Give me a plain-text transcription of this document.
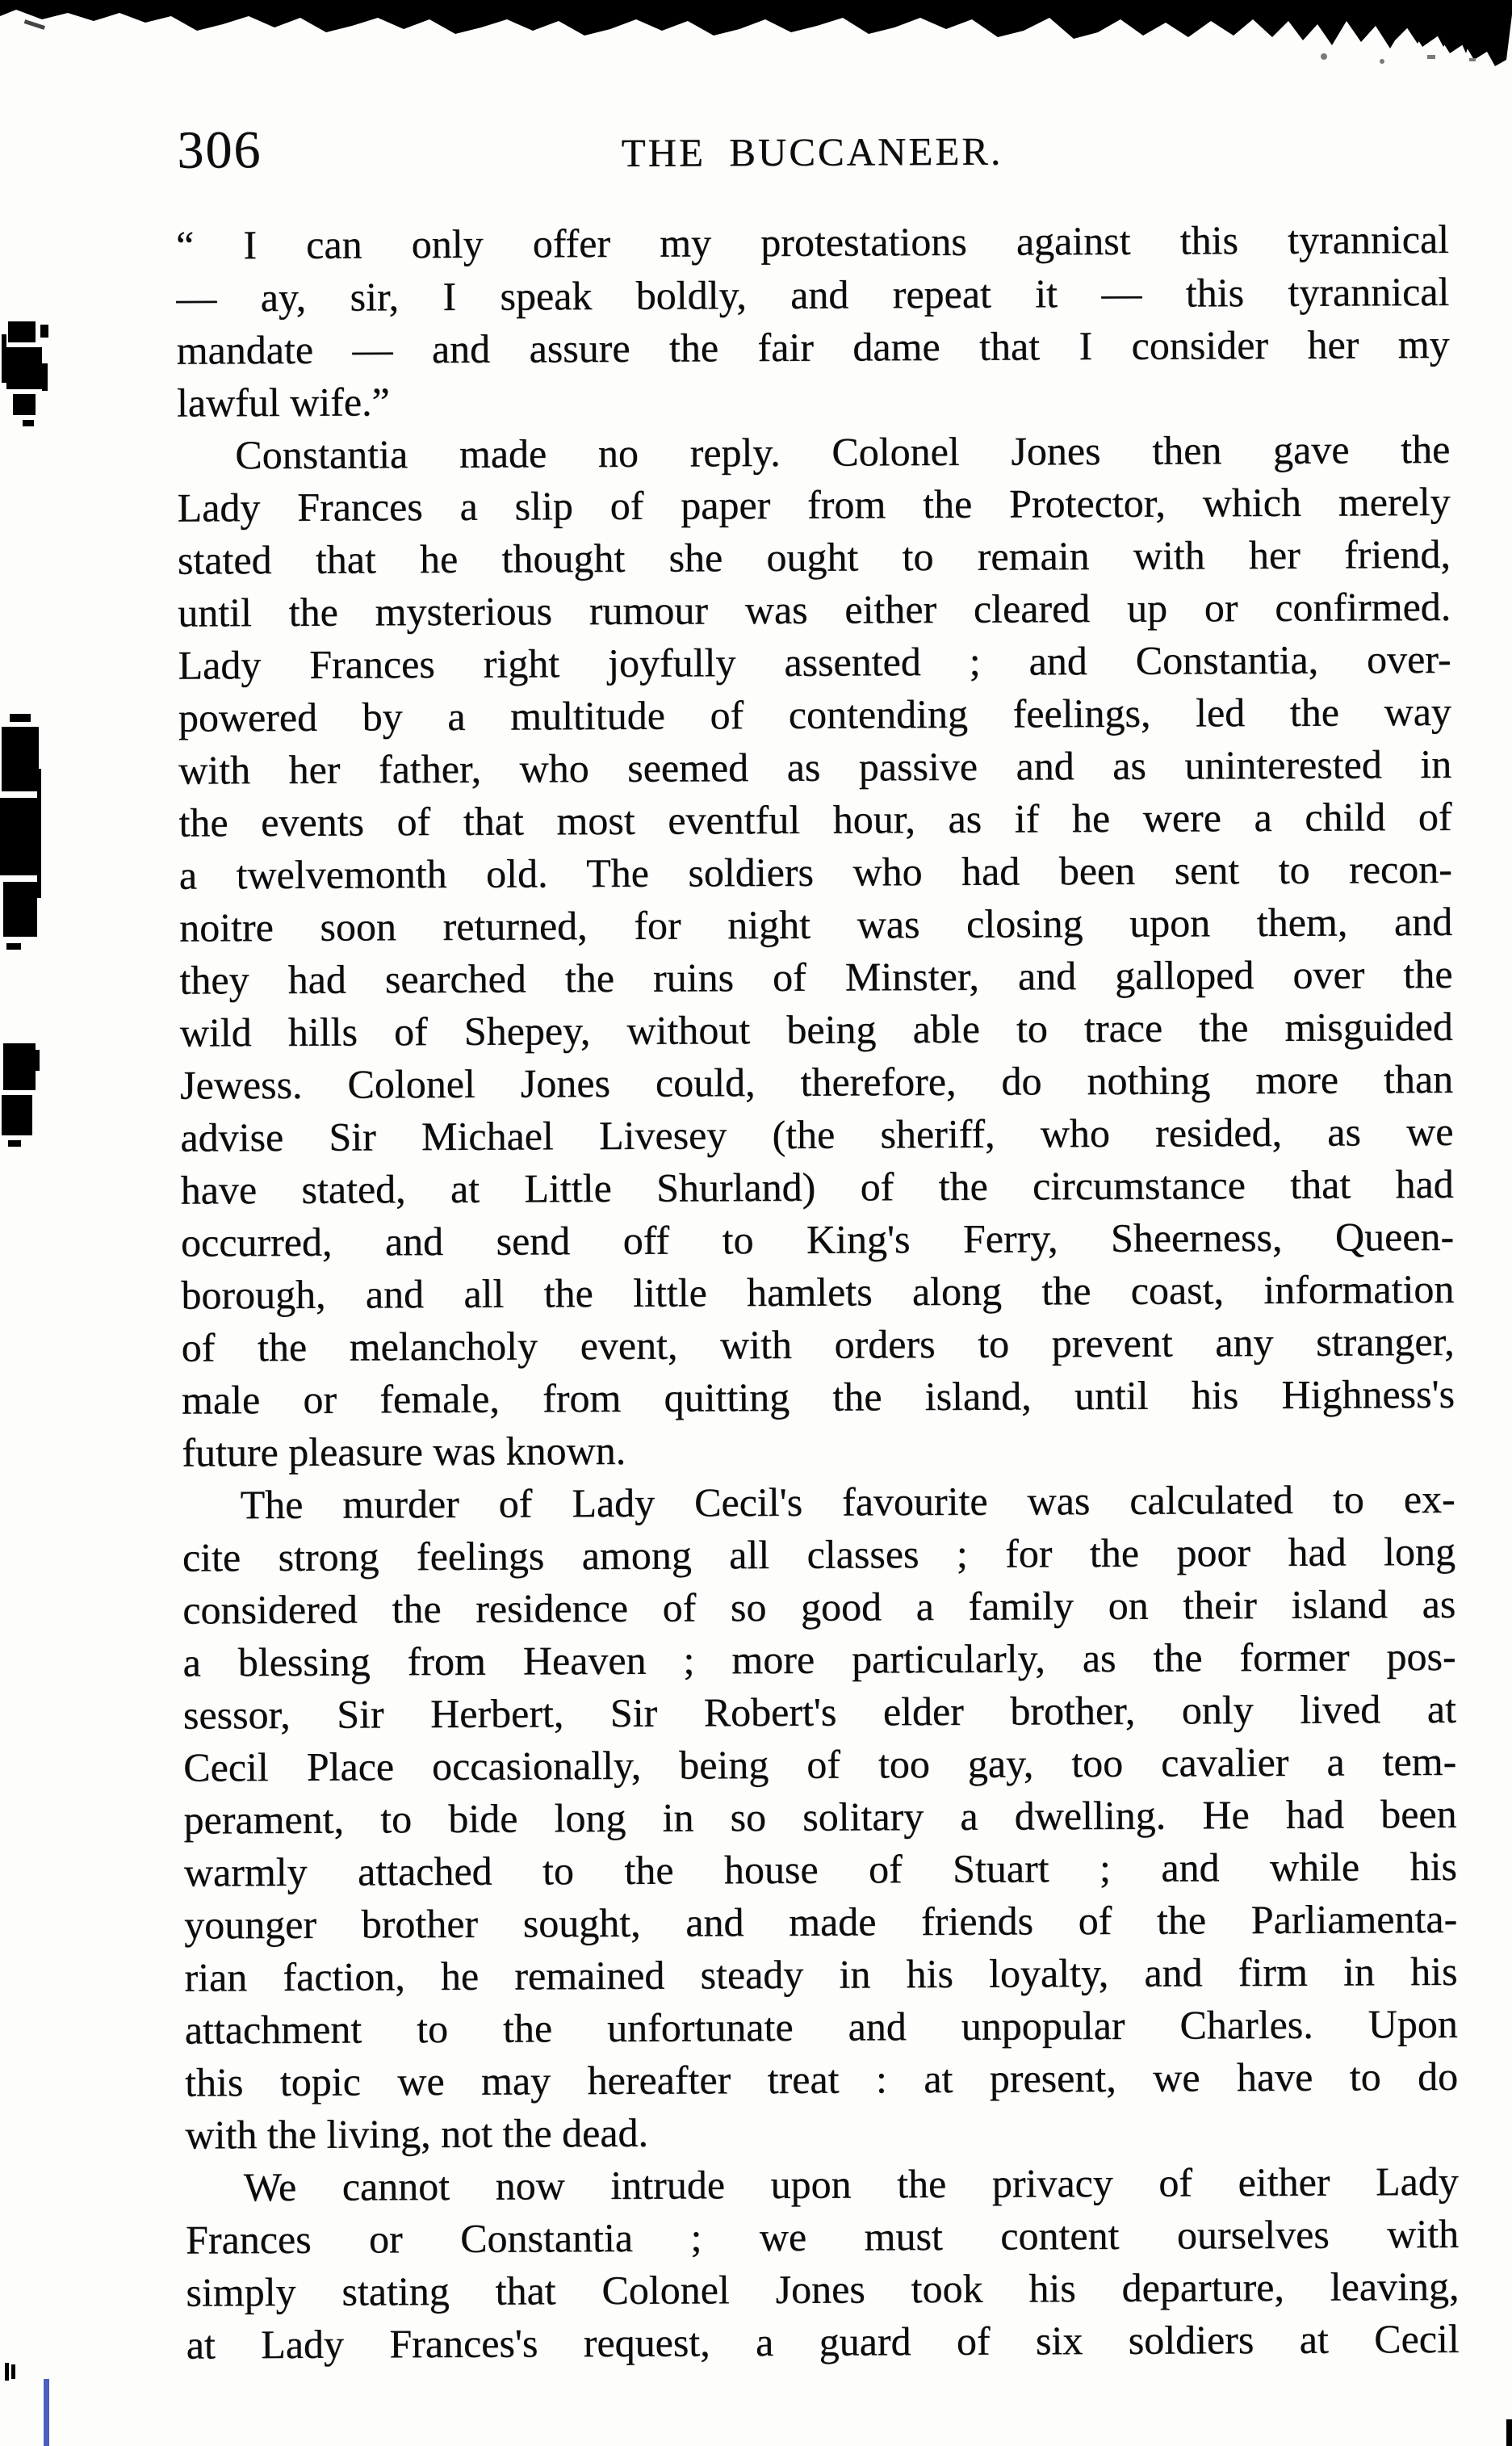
306	THE BUCCANEER.
“ I can only offer my protestations against this tyrannical
— ay, sir, I speak boldly, and repeat it — this tyrannical
mandate — and assure the fair dame that I consider her my
lawful wife.”
Constantia made no reply. Colonel Jones then gave the
Lady Frances a slip of paper from the Protector, which merely
stated that he thought she ought to remain with her friend,
until the mysterious rumour was either cleared up or confirmed.
Lady Frances right joyfully assented ; and Constantia, over-
powered by a multitude of contending feelings, led the way
with her father, who seemed as passive and as uninterested in
the events of that most eventful hour, as if he were a child of
a twelvemonth old. The soldiers who had been sent to recon-
noitre soon returned, for night was closing upon them, and
they had searched the ruins of Minster, and galloped over the
wild hills of Shepey, without being able to trace the misguided
Jewess. Colonel Jones could, therefore, do nothing more than
advise Sir Michael Livesey (the sheriff, who resided, as we
have stated, at Little Shurland) of the circumstance that had
occurred, and send off to King's Ferry, Sheerness, Queen-
borough, and all the little hamlets along the coast, information
of the melancholy event, with orders to prevent any stranger,
male or female, from quitting the island, until his Highness's
future pleasure was known.
The murder of Lady Cecil's favourite was calculated to ex-
cite strong feelings among all classes ; for the poor had long
considered the residence of so good a family on their island as
a blessing from Heaven ; more particularly, as the former pos-
sessor, Sir Herbert, Sir Robert's elder brother, only lived at
Cecil Place occasionally, being of too gay, too cavalier a tem-
perament, to bide long in so solitary a dwelling. He had been
warmly attached to the house of Stuart ; and while his
younger brother sought, and made friends of the Parliamenta-
rian faction, he remained steady in his loyalty, and firm in his
attachment to the unfortunate and unpopular Charles. Upon
this topic we may hereafter treat : at present, we have to do
with the living, not the dead.
We cannot now intrude upon the privacy of either Lady
Frances or Constantia ; we must content ourselves with
simply stating that Colonel Jones took his departure, leaving,
at Lady Frances's request, a guard of six soldiers at Cecil
